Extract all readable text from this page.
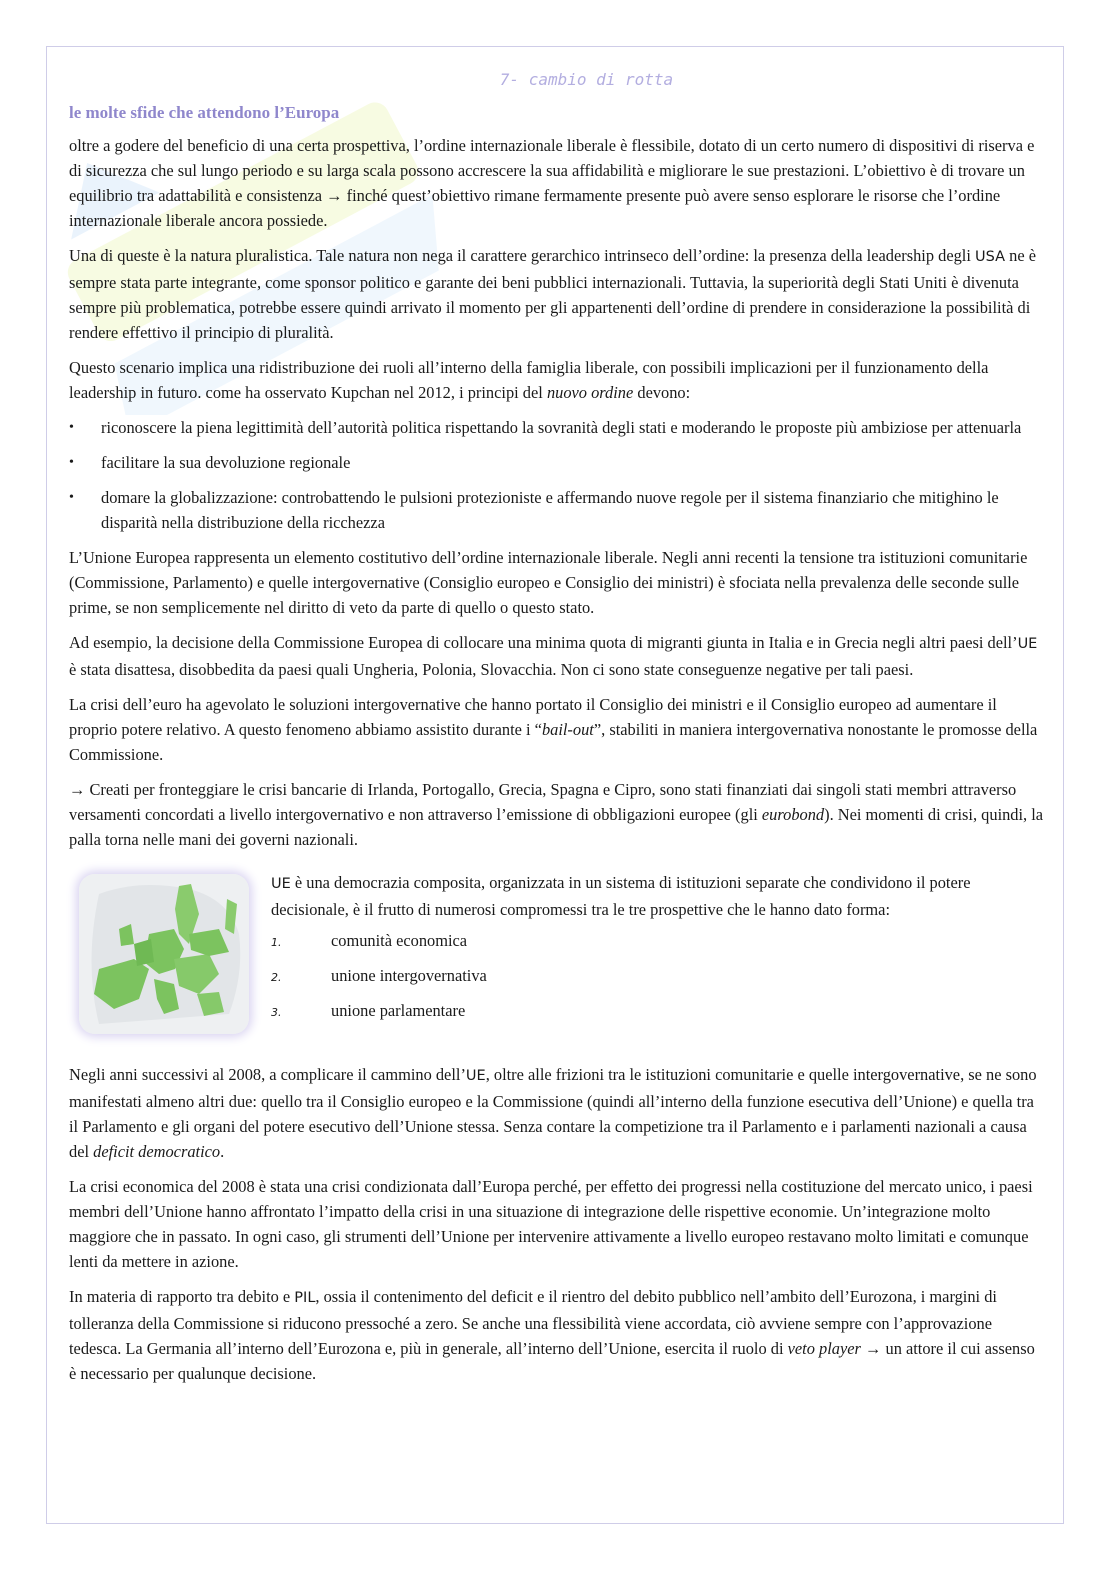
7- cambio di rotta
le molte sfide che attendono l’Europa

oltre a godere del beneficio di una certa prospettiva, l’ordine internazionale liberale è flessibile, dotato di un certo numero di dispositivi di riserva e di sicurezza che sul lungo periodo e su larga scala possono accrescere la sua affidabilità e migliorare le sue prestazioni. L’obiettivo è di trovare un equilibrio tra adattabilità e consistenza → finché quest’obiettivo rimane fermamente presente può avere senso esplorare le risorse che l’ordine internazionale liberale ancora possiede.

Una di queste è la natura pluralistica. Tale natura non nega il carattere gerarchico intrinseco dell’ordine: la presenza della leadership degli USA ne è sempre stata parte integrante, come sponsor politico e garante dei beni pubblici internazionali. Tuttavia, la superiorità degli Stati Uniti è divenuta sempre più problematica, potrebbe essere quindi arrivato il momento per gli appartenenti dell’ordine di prendere in considerazione la possibilità di rendere effettivo il principio di pluralità.

Questo scenario implica una ridistribuzione dei ruoli all’interno della famiglia liberale, con possibili implicazioni per il funzionamento della leadership in futuro. come ha osservato Kupchan nel 2012, i principi del nuovo ordine devono:

• riconoscere la piena legittimità dell’autorità politica rispettando la sovranità degli stati e moderando le proposte più ambiziose per attenuarla
• facilitare la sua devoluzione regionale
• domare la globalizzazione: controbattendo le pulsioni protezioniste e affermando nuove regole per il sistema finanziario che mitighino le disparità nella distribuzione della ricchezza

L’Unione Europea rappresenta un elemento costitutivo dell’ordine internazionale liberale. Negli anni recenti la tensione tra istituzioni comunitarie (Commissione, Parlamento) e quelle intergovernative (Consiglio europeo e Consiglio dei ministri) è sfociata nella prevalenza delle seconde sulle prime, se non semplicemente nel diritto di veto da parte di quello o questo stato.

Ad esempio, la decisione della Commissione Europea di collocare una minima quota di migranti giunta in Italia e in Grecia negli altri paesi dell’UE è stata disattesa, disobbedita da paesi quali Ungheria, Polonia, Slovacchia. Non ci sono state conseguenze negative per tali paesi.

La crisi dell’euro ha agevolato le soluzioni intergovernative che hanno portato il Consiglio dei ministri e il Consiglio europeo ad aumentare il proprio potere relativo. A questo fenomeno abbiamo assistito durante i “bail-out”, stabiliti in maniera intergovernativa nonostante le promosse della Commissione.

→ Creati per fronteggiare le crisi bancarie di Irlanda, Portogallo, Grecia, Spagna e Cipro, sono stati finanziati dai singoli stati membri attraverso versamenti concordati a livello intergovernativo e non attraverso l’emissione di obbligazioni europee (gli eurobond). Nei momenti di crisi, quindi, la palla torna nelle mani dei governi nazionali.

UE è una democrazia composita, organizzata in un sistema di istituzioni separate che condividono il potere decisionale, è il frutto di numerosi compromessi tra le tre prospettive che le hanno dato forma:

1.	comunità economica
2.	unione intergovernativa
3.	unione parlamentare

Negli anni successivi al 2008, a complicare il cammino dell’UE, oltre alle frizioni tra le istituzioni comunitarie e quelle intergovernative, se ne sono manifestati almeno altri due: quello tra il Consiglio europeo e la Commissione (quindi all’interno della funzione esecutiva dell’Unione) e quella tra il Parlamento e gli organi del potere esecutivo dell’Unione stessa. Senza contare la competizione tra il Parlamento e i parlamenti nazionali a causa del deficit democratico.

La crisi economica del 2008 è stata una crisi condizionata dall’Europa perché, per effetto dei progressi nella costituzione del mercato unico, i paesi membri dell’Unione hanno affrontato l’impatto della crisi in una situazione di integrazione delle rispettive economie. Un’integrazione molto maggiore che in passato. In ogni caso, gli strumenti dell’Unione per intervenire attivamente a livello europeo restavano molto limitati e comunque lenti da mettere in azione.

In materia di rapporto tra debito e PIL, ossia il contenimento del deficit e il rientro del debito pubblico nell’ambito dell’Eurozona, i margini di tolleranza della Commissione si riducono pressoché a zero. Se anche una flessibilità viene accordata, ciò avviene sempre con l’approvazione tedesca. La Germania all’interno dell’Eurozona e, più in generale, all’interno dell’Unione, esercita il ruolo di veto player → un attore il cui assenso è necessario per qualunque decisione.
